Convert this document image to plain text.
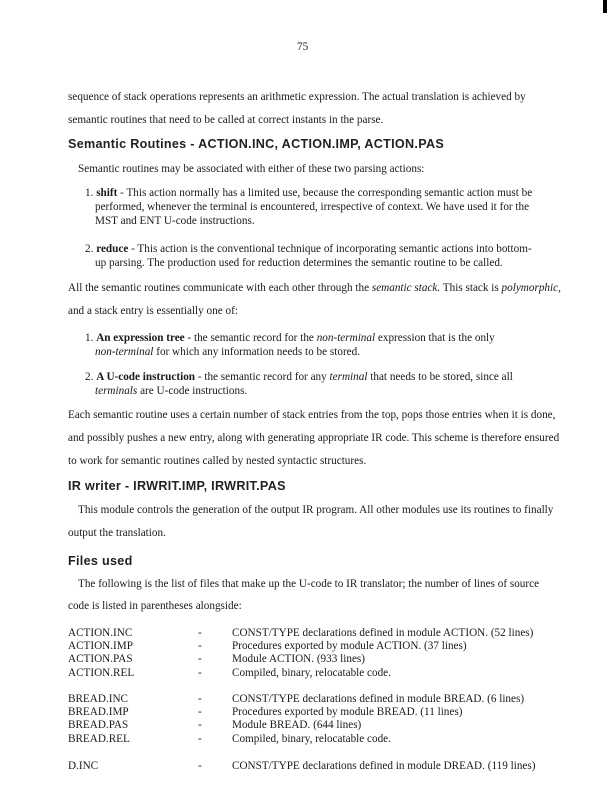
75
sequence of stack operations represents an arithmetic expression. The actual translation is achieved by
semantic routines that need to be called at correct instants in the parse.
Semantic Routines - ACTION.INC, ACTION.IMP, ACTION.PAS
Semantic routines may be associated with either of these two parsing actions:
1. shift - This action normally has a limited use, because the corresponding semantic action must be
performed, whenever the terminal is encountered, irrespective of context. We have used it for the
MST and ENT U-code instructions.
2. reduce - This action is the conventional technique of incorporating semantic actions into bottom-
up parsing. The production used for reduction determines the semantic routine to be called.
All the semantic routines communicate with each other through the semantic stack. This stack is polymorphic,
and a stack entry is essentially one of:
1. An expression tree - the semantic record for the non-terminal expression that is the only
non-terminal for which any information needs to be stored.
2. A U-code instruction - the semantic record for any terminal that needs to be stored, since all
terminals are U-code instructions.
Each semantic routine uses a certain number of stack entries from the top, pops those entries when it is done,
and possibly pushes a new entry, along with generating appropriate IR code. This scheme is therefore ensured
to work for semantic routines called by nested syntactic structures.
IR writer - IRWRIT.IMP, IRWRIT.PAS
This module controls the generation of the output IR program. All other modules use its routines to finally
output the translation.
Files used
The following is the list of files that make up the U-code to IR translator; the number of lines of source
code is listed in parentheses alongside:
ACTION.INC	-	CONST/TYPE declarations defined in module ACTION. (52 lines)
ACTION.IMP	-	Procedures exported by module ACTION. (37 lines)
ACTION.PAS	-	Module ACTION. (933 lines)
ACTION.REL	-	Compiled, binary, relocatable code.
BREAD.INC	-	CONST/TYPE declarations defined in module BREAD. (6 lines)
BREAD.IMP	-	Procedures exported by module BREAD. (11 lines)
BREAD.PAS	-	Module BREAD. (644 lines)
BREAD.REL	-	Compiled, binary, relocatable code.
D.INC	-	CONST/TYPE declarations defined in module DREAD. (119 lines)
